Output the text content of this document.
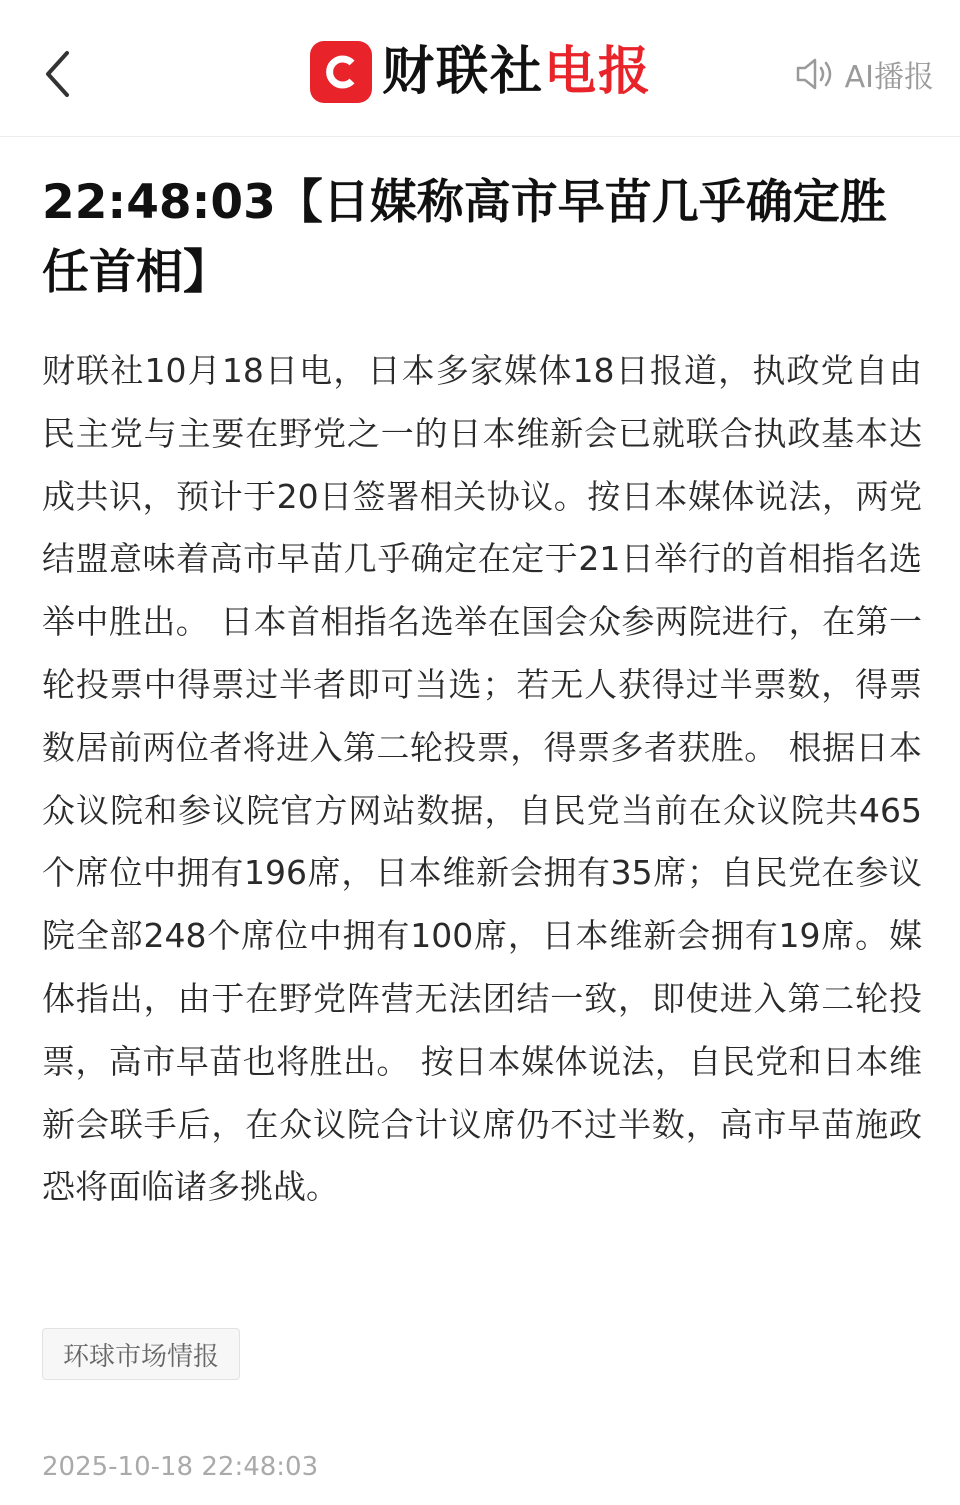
财联社电报	AI播报
22:48:03【日媒称高市早苗几乎确定胜任首相】

财联社10月18日电，日本多家媒体18日报道，执政党自由民主党与主要在野党之一的日本维新会已就联合执政基本达成共识，预计于20日签署相关协议。按日本媒体说法，两党结盟意味着高市早苗几乎确定在定于21日举行的首相指名选举中胜出。 日本首相指名选举在国会众参两院进行，在第一轮投票中得票过半者即可当选；若无人获得过半票数，得票数居前两位者将进入第二轮投票，得票多者获胜。 根据日本众议院和参议院官方网站数据，自民党当前在众议院共465个席位中拥有196席，日本维新会拥有35席；自民党在参议院全部248个席位中拥有100席，日本维新会拥有19席。媒体指出，由于在野党阵营无法团结一致，即使进入第二轮投票，高市早苗也将胜出。 按日本媒体说法，自民党和日本维新会联手后，在众议院合计议席仍不过半数，高市早苗施政恐将面临诸多挑战。

环球市场情报
2025-10-18 22:48:03
